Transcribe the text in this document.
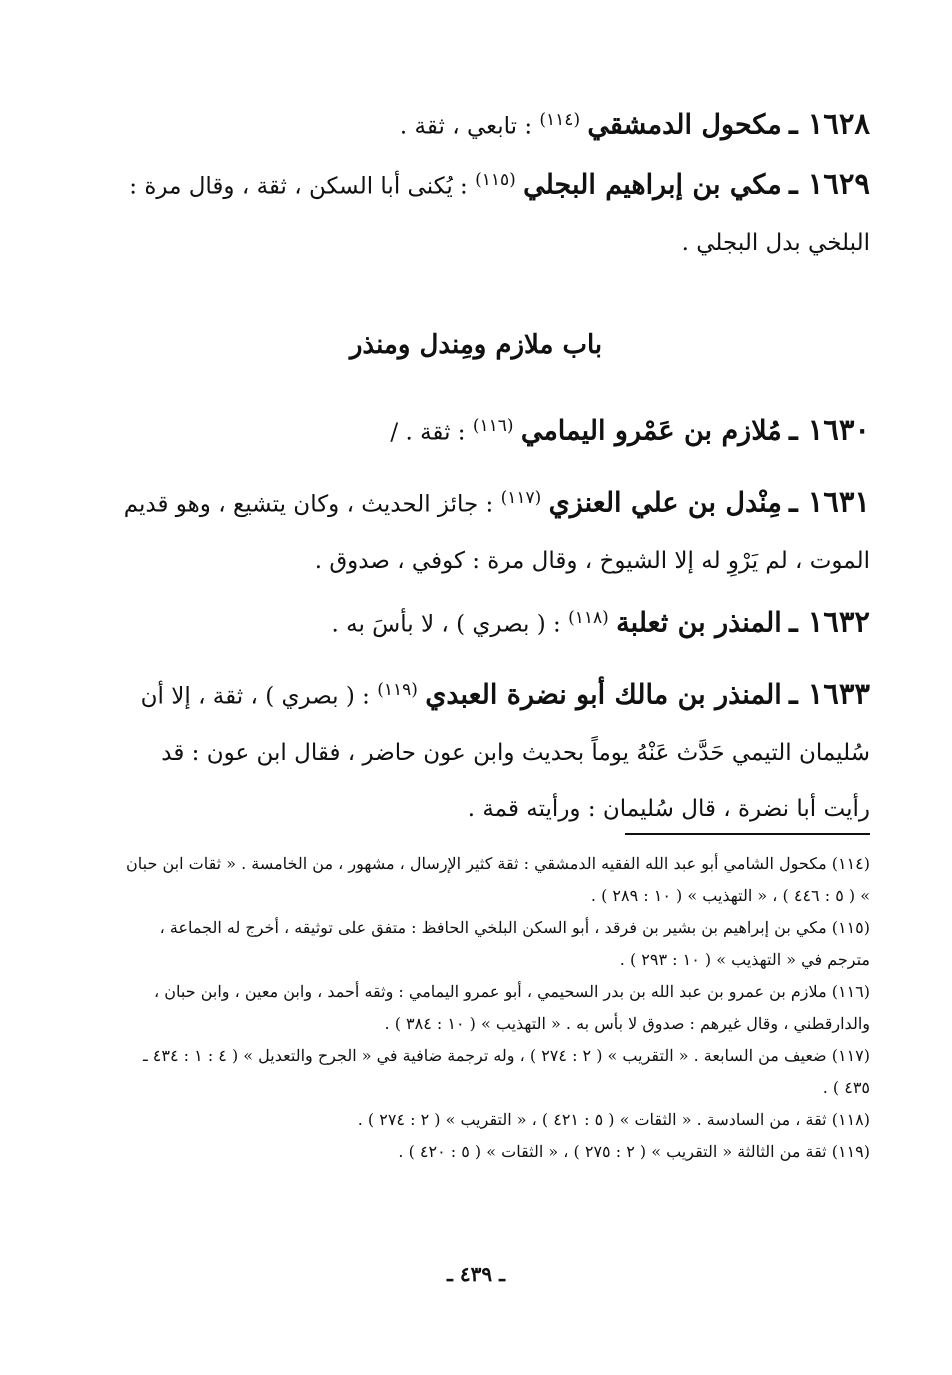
١٦٢٨ ـ مكحول الدمشقي $^{(١١٤)}$ : تابعي ، ثقة .
١٦٢٩ ـ مكي بن إبراهيم البجلي $^{(١١٥)}$ : يُكنى أبا السكن ، ثقة ، وقال مرة : البلخي بدل البجلي .
باب ملازم ومِندل ومنذر
١٦٣٠ ـ مُلازم بن عَمْرو اليمامي $^{(١١٦)}$ : ثقة . /
١٦٣١ ـ مِنْدل بن علي العنزي $^{(١١٧)}$ : جائز الحديث ، وكان يتشيع ، وهو قديم الموت ، لم يَرْوِ له إلا الشيوخ ، وقال مرة : كوفي ، صدوق .
١٦٣٢ ـ المنذر بن ثعلبة $^{(١١٨)}$ : ( بصري ) ، لا بأسَ به .
١٦٣٣ ـ المنذر بن مالك أبو نضرة العبدي $^{(١١٩)}$ : ( بصري ) ، ثقة ، إلا أن سُليمان التيمي حَدَّث عَنْهُ يوماً بحديث وابن عون حاضر ، فقال ابن عون : قد رأيت أبا نضرة ، قال سُليمان : ورأيته قمة .

(١١٤) مكحول الشامي أبو عبد الله الفقيه الدمشقي : ثقة كثير الإرسال ، مشهور ، من الخامسة . « ثقات ابن حبان » ( ٥ : ٤٤٦ ) ، « التهذيب » ( ١٠ : ٢٨٩ ) .

(١١٥) مكي بن إبراهيم بن بشير بن فرقد ، أبو السكن البلخي الحافظ : متفق على توثيقه ، أخرج له الجماعة ، مترجم في « التهذيب » ( ١٠ : ٢٩٣ ) .

(١١٦) ملازم بن عمرو بن عبد الله بن بدر السحيمي ، أبو عمرو اليمامي : وثقه أحمد ، وابن معين ، وابن حبان ، والدارقطني ، وقال غيرهم : صدوق لا بأس به . « التهذيب » ( ١٠ : ٣٨٤ ) .

(١١٧) ضعيف من السابعة . « التقريب » ( ٢ : ٢٧٤ ) ، وله ترجمة ضافية في « الجرح والتعديل » ( ٤ : ١ : ٤٣٤ ـ ٤٣٥ ) .

(١١٨) ثقة ، من السادسة . « الثقات » ( ٥ : ٤٢١ ) ، « التقريب » ( ٢ : ٢٧٤ ) .

(١١٩) ثقة من الثالثة « التقريب » ( ٢ : ٢٧٥ ) ، « الثقات » ( ٥ : ٤٢٠ ) .

ـ ٤٣٩ ـ
